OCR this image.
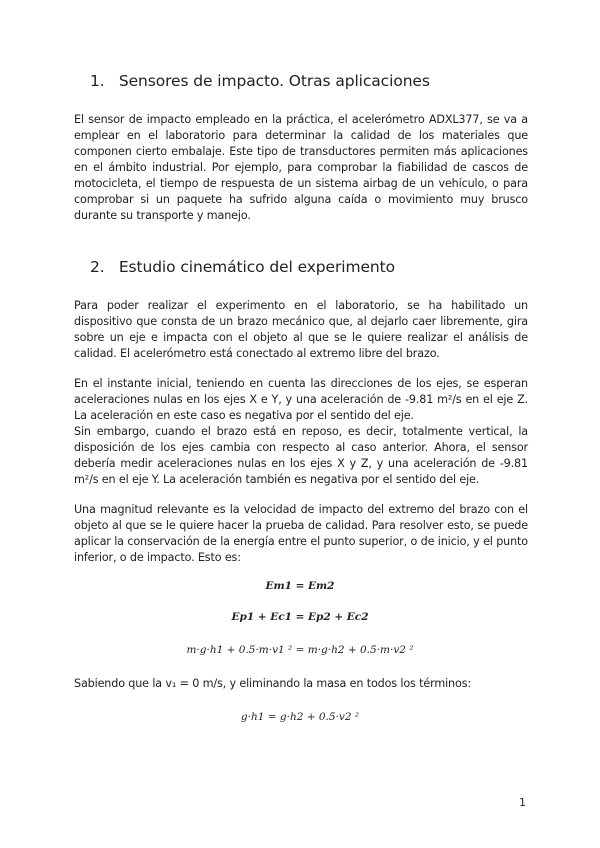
1. Sensores de impacto. Otras aplicaciones

El sensor de impacto empleado en la práctica, el acelerómetro ADXL377, se va a emplear en el laboratorio para determinar la calidad de los materiales que componen cierto embalaje. Este tipo de transductores permiten más aplicaciones en el ámbito industrial. Por ejemplo, para comprobar la fiabilidad de cascos de motocicleta, el tiempo de respuesta de un sistema airbag de un vehículo, o para comprobar si un paquete ha sufrido alguna caída o movimiento muy brusco durante su transporte y manejo.

2. Estudio cinemático del experimento

Para poder realizar el experimento en el laboratorio, se ha habilitado un dispositivo que consta de un brazo mecánico que, al dejarlo caer libremente, gira sobre un eje e impacta con el objeto al que se le quiere realizar el análisis de calidad. El acelerómetro está conectado al extremo libre del brazo.

En el instante inicial, teniendo en cuenta las direcciones de los ejes, se esperan aceleraciones nulas en los ejes X e Y, y una aceleración de -9.81 m²/s en el eje Z. La aceleración en este caso es negativa por el sentido del eje.

Sin embargo, cuando el brazo está en reposo, es decir, totalmente vertical, la disposición de los ejes cambia con respecto al caso anterior. Ahora, el sensor debería medir aceleraciones nulas en los ejes X y Z, y una aceleración de -9.81 m²/s en el eje Y. La aceleración también es negativa por el sentido del eje.

Una magnitud relevante es la velocidad de impacto del extremo del brazo con el objeto al que se le quiere hacer la prueba de calidad. Para resolver esto, se puede aplicar la conservación de la energía entre el punto superior, o de inicio, y el punto inferior, o de impacto. Esto es:

Em1 = Em2
Ep1 + Ec1 = Ep2 + Ec2
m·g·h1 + 0.5·m·v1 ² = m·g·h2 + 0.5·m·v2 ²

Sabiendo que la v₁ = 0 m/s, y eliminando la masa en todos los términos:

g·h1 = g·h2 + 0.5·v2 ²
1
